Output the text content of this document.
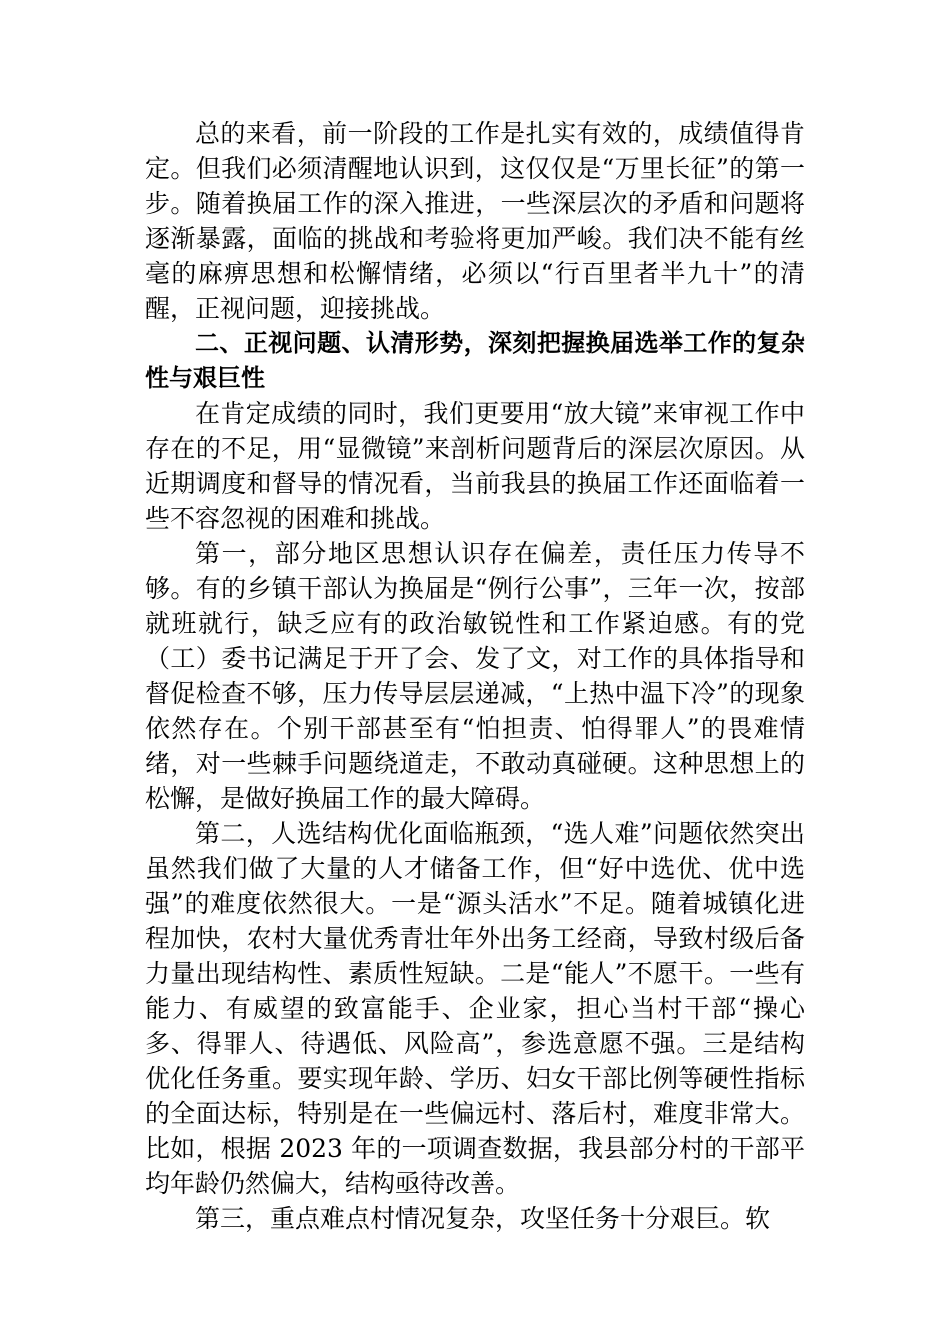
总的来看，前一阶段的工作是扎实有效的，成绩值得肯定。但我们必须清醒地认识到，这仅仅是“万里长征”的第一步。随着换届工作的深入推进，一些深层次的矛盾和问题将逐渐暴露，面临的挑战和考验将更加严峻。我们决不能有丝毫的麻痹思想和松懈情绪，必须以“行百里者半九十”的清醒，正视问题，迎接挑战。

二、正视问题、认清形势，深刻把握换届选举工作的复杂性与艰巨性

在肯定成绩的同时，我们更要用“放大镜”来审视工作中存在的不足，用“显微镜”来剖析问题背后的深层次原因。从近期调度和督导的情况看，当前我县的换届工作还面临着一些不容忽视的困难和挑战。

第一，部分地区思想认识存在偏差，责任压力传导不够。有的乡镇干部认为换届是“例行公事”，三年一次，按部就班就行，缺乏应有的政治敏锐性和工作紧迫感。有的党（工）委书记满足于开了会、发了文，对工作的具体指导和督促检查不够，压力传导层层递减，“上热中温下冷”的现象依然存在。个别干部甚至有“怕担责、怕得罪人”的畏难情绪，对一些棘手问题绕道走，不敢动真碰硬。这种思想上的松懈，是做好换届工作的最大障碍。

第二，人选结构优化面临瓶颈，“选人难”问题依然突出虽然我们做了大量的人才储备工作，但“好中选优、优中选强”的难度依然很大。一是“源头活水”不足。随着城镇化进程加快，农村大量优秀青壮年外出务工经商，导致村级后备力量出现结构性、素质性短缺。二是“能人”不愿干。一些有能力、有威望的致富能手、企业家，担心当村干部“操心多、得罪人、待遇低、风险高”，参选意愿不强。三是结构优化任务重。要实现年龄、学历、妇女干部比例等硬性指标的全面达标，特别是在一些偏远村、落后村，难度非常大。比如，根据 2023 年的一项调查数据，我县部分村的干部平均年龄仍然偏大，结构亟待改善。

第三，重点难点村情况复杂，攻坚任务十分艰巨。软
